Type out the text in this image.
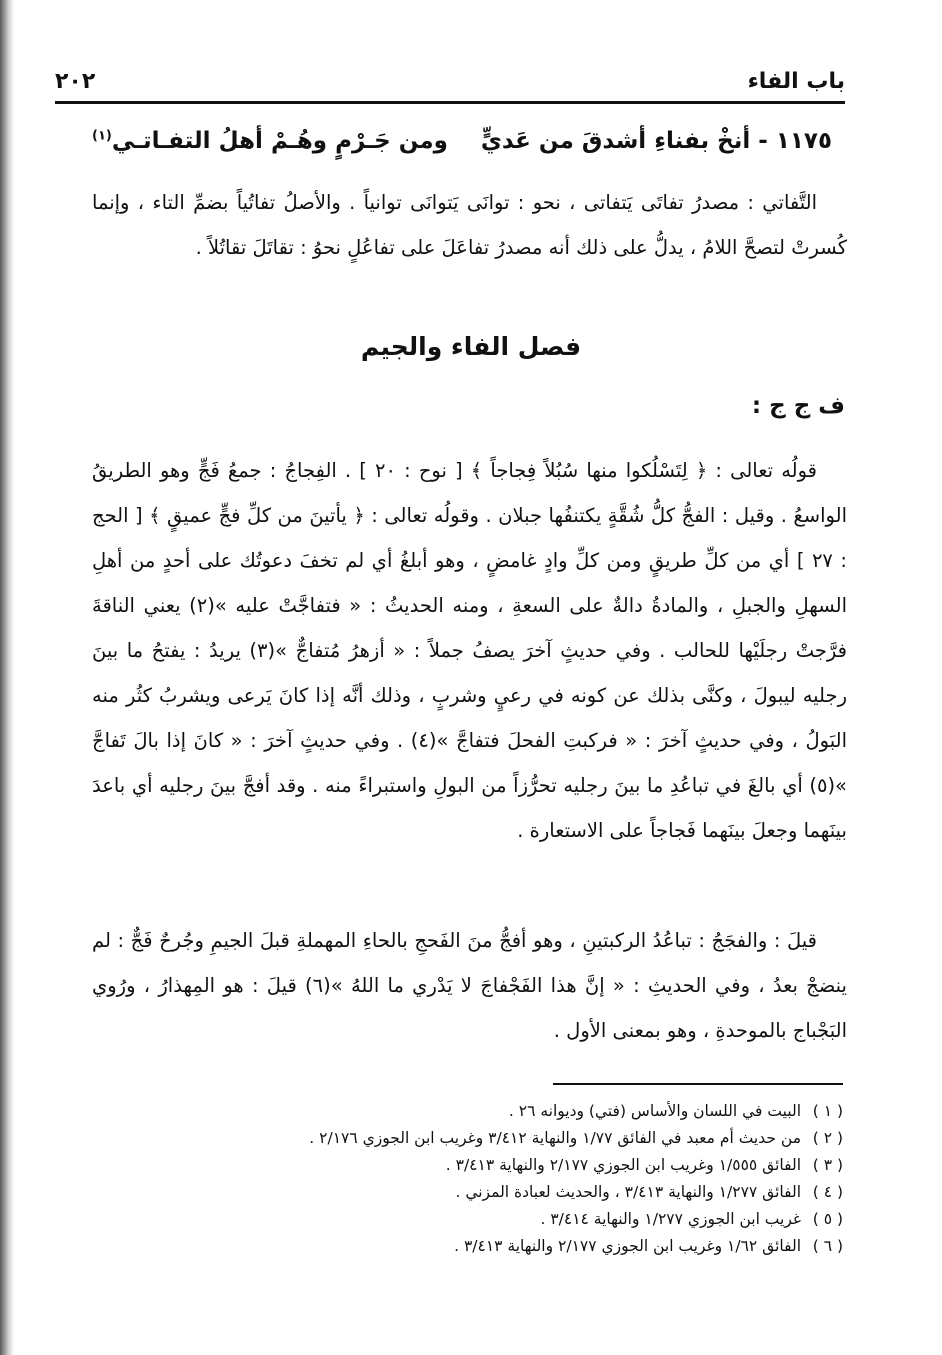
باب الفاء
٢٠٢
١١٧٥ - أنخْ بفناءِ أشدقَ من عَديٍّ
ومن جَـرْمٍ وهُـمْ أهلُ التفـاتـي$^{(١)}$
التَّفاتي : مصدرُ تفاتَى يَتفاتى ، نحو : توانَى يَتوانَى توانياً . والأصلُ تفاتُياً بضمِّ التاء ، وإنما كُسرتْ لتصحَّ اللامُ ، يدلُّ على ذلك أنه مصدرُ تفاعَلَ على تفاعُلٍ نحوُ : تقاتَلَ تقاتُلاً .
فصل الفاء والجيم
ف ج ج :
قولُه تعالى : ﴿ لِتَسْلُكوا منها سُبُلاً فِجاجاً ﴾ [ نوح : ٢٠ ] . الفِجاجُ : جمعُ فَجٍّ وهو الطريقُ الواسعُ . وقيل : الفجُّ كلُّ شُقَّةٍ يكتنفُها جبلان . وقولُه تعالى : ﴿ يأتينَ من كلِّ فجٍّ عميقٍ ﴾ [ الحج : ٢٧ ] أي من كلِّ طريقٍ ومن كلِّ وادٍ غامضٍ ، وهو أبلغُ أي لم تخفَ دعوتُك على أحدٍ من أهلِ السهلِ والجبلِ ، والمادةُ دالةٌ على السعةِ ، ومنه الحديثُ : « فتفاجَّتْ عليه »(٢) يعني الناقةَ فرَّجتْ رجلَيْها للحالب . وفي حديثٍ آخرَ يصفُ جملاً : « أزهرُ مُتفاجٌّ »(٣) يريدُ : يفتحُ ما بينَ رجليه ليبولَ ، وكنَّى بذلك عن كونه في رعيٍ وشربٍ ، وذلك أنَّه إذا كانَ يَرعى ويشربُ كثُر منه البَولُ ، وفي حديثٍ آخرَ : « فركبتِ الفحلَ فتفاجَّ »(٤) . وفي حديثٍ آخرَ : « كانَ إذا بالَ تَفاجَّ »(٥) أي بالغَ في تباعُدِ ما بينَ رجليه تحرُّزاً من البولِ واستبراءً منه . وقد أفجَّ بينَ رجليه أي باعدَ بينَهما وجعلَ بينَهما فَجاجاً على الاستعارة .
قيلَ : والفجَجُ : تباعُدُ الركبتينِ ، وهو أفجُّ منَ الفَحجِ بالحاءِ المهملةِ قبلَ الجيمِ وجُرحٌ فَجٌّ : لم ينضجْ بعدُ ، وفي الحديثِ : « إنَّ هذا الفَجْفاجَ لا يَدْري ما اللهُ »(٦) قيلَ : هو المِهذارُ ، ورُوي البَجْباج بالموحدةِ ، وهو بمعنى الأول .
( ١ )البيت في اللسان والأساس (فتي) وديوانه ٢٦ .
( ٢ )من حديث أم معبد في الفائق ١/٧٧ والنهاية ٣/٤١٢ وغريب ابن الجوزي ٢/١٧٦ .
( ٣ )الفائق ١/٥٥٥ وغريب ابن الجوزي ٢/١٧٧ والنهاية ٣/٤١٣ .
( ٤ )الفائق ١/٢٧٧ والنهاية ٣/٤١٣ ، والحديث لعبادة المزني .
( ٥ )غريب ابن الجوزي ١/٢٧٧ والنهاية ٣/٤١٤ .
( ٦ )الفائق ١/٦٢ وغريب ابن الجوزي ٢/١٧٧ والنهاية ٣/٤١٣ .
